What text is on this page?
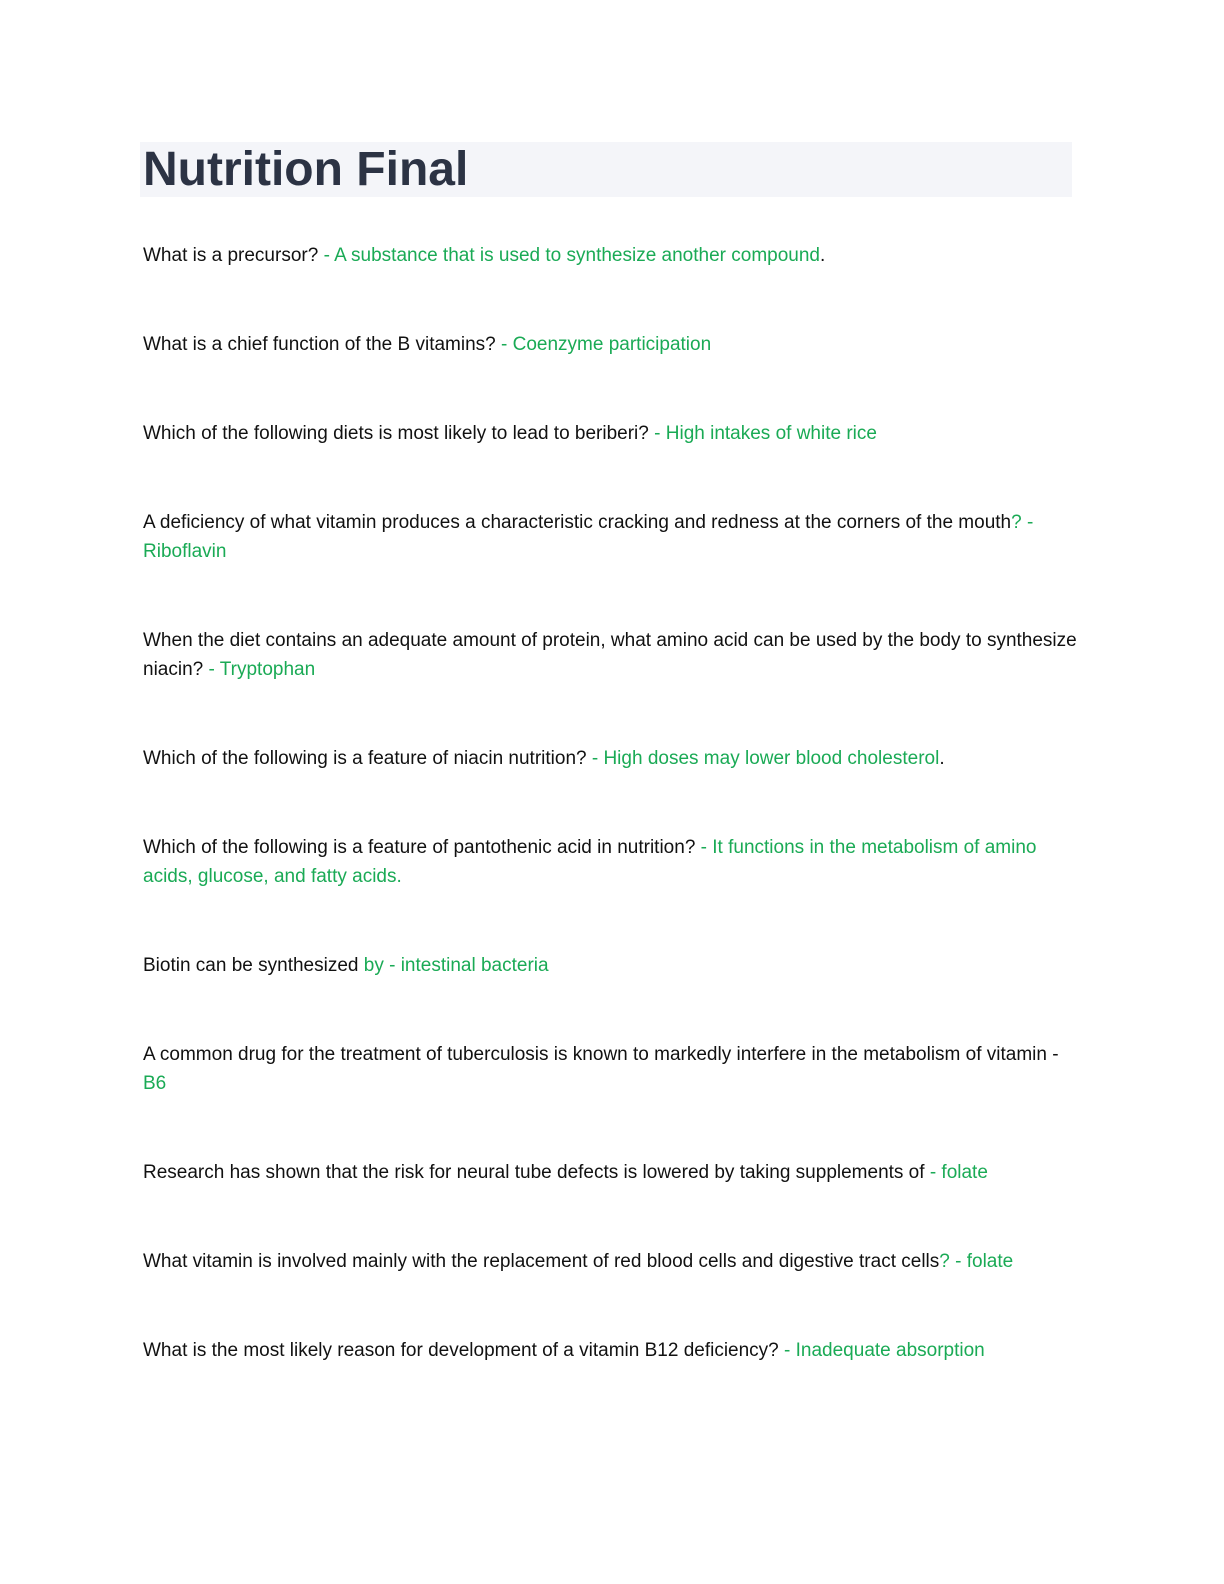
Nutrition Final

What is a precursor? - A substance that is used to synthesize another compound.

What is a chief function of the B vitamins? - Coenzyme participation

Which of the following diets is most likely to lead to beriberi? - High intakes of white rice

A deficiency of what vitamin produces a characteristic cracking and redness at the corners of the mouth? - Riboflavin

When the diet contains an adequate amount of protein, what amino acid can be used by the body to synthesize niacin? - Tryptophan

Which of the following is a feature of niacin nutrition? - High doses may lower blood cholesterol.

Which of the following is a feature of pantothenic acid in nutrition? - It functions in the metabolism of amino acids, glucose, and fatty acids.

Biotin can be synthesized by - intestinal bacteria

A common drug for the treatment of tuberculosis is known to markedly interfere in the metabolism of vitamin - B6

Research has shown that the risk for neural tube defects is lowered by taking supplements of - folate

What vitamin is involved mainly with the replacement of red blood cells and digestive tract cells? - folate

What is the most likely reason for development of a vitamin B12 deficiency? - Inadequate absorption
